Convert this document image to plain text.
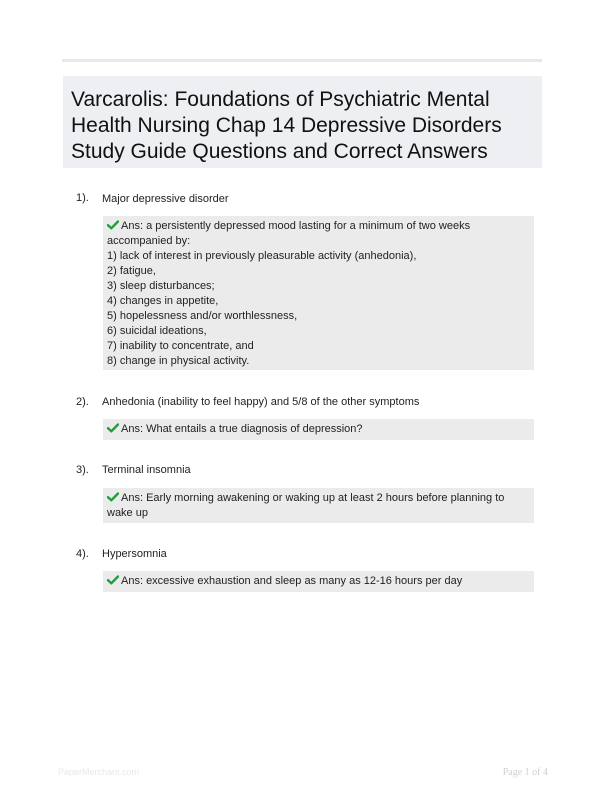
Varcarolis: Foundations of Psychiatric Mental Health Nursing Chap 14 Depressive Disorders Study Guide Questions and Correct Answers
1). Major depressive disorder
Ans: a persistently depressed mood lasting for a minimum of two weeks accompanied by:
1) lack of interest in previously pleasurable activity (anhedonia),
2) fatigue,
3) sleep disturbances;
4) changes in appetite,
5) hopelessness and/or worthlessness,
6) suicidal ideations,
7) inability to concentrate, and
8) change in physical activity.
2). Anhedonia (inability to feel happy) and 5/8 of the other symptoms
Ans: What entails a true diagnosis of depression?
3). Terminal insomnia
Ans: Early morning awakening or waking up at least 2 hours before planning to wake up
4). Hypersomnia
Ans: excessive exhaustion and sleep as many as 12-16 hours per day
PaperMerchant.com	Page 1 of 4
